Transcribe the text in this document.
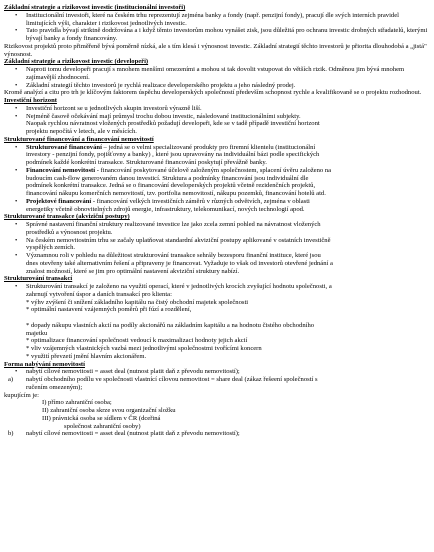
Základní strategie a rizikovost investic (institucionální investoři)

• Institucionální investoři, které na českém trhu reprezentují zejména banky a fondy (např. penzijní fondy), pracují dle svých interních pravidel limitujících výši, charakter i rizikovost jednotlivých investic.

• Tato pravidla bývají striktně dodržována a i když těmto investorům mohou vynášet zisk, jsou důležitá pro ochranu investic drobných střadatelů, kterými bývají banky a fondy financovány.

Rizikovost projektů proto přiměřeně bývá poměrně nízká, ale s tím klesá i výnosnost investic. Základní strategií těchto investorů je přiorita dlouhodobá a „jistá" výnosnost.

Základní strategie a rizikovost investic (developeři)

• Naproti tomu developeři pracují s mnohem menšími omezeními a mohou si tak dovolit vstupovat do větších rizik. Odměnou jim bývá mnohem zajímavější zhodnocení.

• Základní strategií těchto investorů je rychlá realizace developerského projektu a jeho následný prodej.

Kromě analýzí a citu pro trh je klíčovým faktorem úspěchu developerských společností především schopnost rychle a kvalifikovaně se o projektu rozhodnout.

Investiční horizont

• Investiční horizont se u jednotlivých skupin investorů výrazně liší.

• Nejméně časově očekávání mají průmysl trochu dobou investic, následované institucionálními subjekty.

Naopak rychlou návratnost vložených prostředků požadují developeři, kde se v tadě případě investiční horizont

projektu nepočítá v letech, ale v měsících.

Strukturované financování a financování nemovitostí

• Strukturované financování – jedná se o velmi specializované produkty pro firemní klientelu (institucionální

investory - penzijní fondy, pojišťovny a banky) , které jsou upravovány na individuální bázi podle specifických

podmínek každé konkrétní transakce. Strukturované financování poskytují převážně banky.

• Financování nemovitostí - financování poskytované účelově založeným společnostem, splacení úvěru založeno na

budoucím cash-flow generovaném danou investicí. Struktura a podmínky financování jsou individuální dle

podmínek konkrétní transakce. Jedná se o financování developerských projektů včetně rezidenčních projektů,

financování nákupu komerčních nemovitostí, tzv. portfolia nemovitostí, nákupu pozemků, financování hotelů atd.

• Projektové financování - financování velkých investičních záměrů v různých odvětvích, zejména v oblasti

energetiky včetně obnovitelných zdrojů energie, infrastruktury, telekomunikací, nových technologií apod.

Strukturované transakce (akviziční postupy)

• Správné nastavení finanční struktury realizované investice lze jako zcela zemní pohled na návratnost vložených

prostředků a výnosnost projektu.

• Na českém nemovitostním trhu se začaly uplatňovat standardní akviziční postupy aplikované v ostatních investičně

vyspělých zemích.

• Významnou roli v pohledu na důležitost strukturování transakce sehrály bezesporu finanční instituce, které jsou

dnes otevřeny také alternativním řešení a připraveny je financovat. Vyžaduje to však od investorů otevřené jednání a

znalost možností, které se jim pro optimální nastavení akviziční struktury nabízí.

Strukturování transakcí

• Strukturování transakcí je založeno na využití operací, které v jednotlivých krocích zvyšující hodnotu společnosti, a

zahrnují vytvoření úspor a daních transakcí pro klienta:

* výhv zvýšení či snížení základního kapitálu na čistý obchodní majetek společnosti

* optimální nastavení vzájemných poměrů při fúzí a rozdělení,

* dopady nákupu vlastních akcií na podíly akcionářů na základním kapitálu a na hodnotu čistého obchodního

majetku

* optimalizace financování společnosti vedoucí k maximalizaci hodnoty jejich akcií

* vliv vzájemných vlastnických vazbá mezi jednotlivými společnostmi tvořícími koncern

* využití převzetí jmění hlavním akcionářem.

Forma nabývání nemovitostí

• nabytí cílové nemovitosti = asset deal (nutnost platit daň z převodu nemovitostí);

a) nabytí obchodního podílu ve společnosti vlastnící cílovou nemovitost = share deal (zákaz řešeení společností s

ručením omezeným);

kupujícím je:

I) přímo zahraniční osoba;

II) zahraniční osoba skrze svou organizační složku

III) právnická osoba se sídlem v ČR (dceřiná

společnost zahraniční osoby)

b) nabytí cílové nemovitosti = asset deal (nutnost platit daň z převodu nemovitostí);
